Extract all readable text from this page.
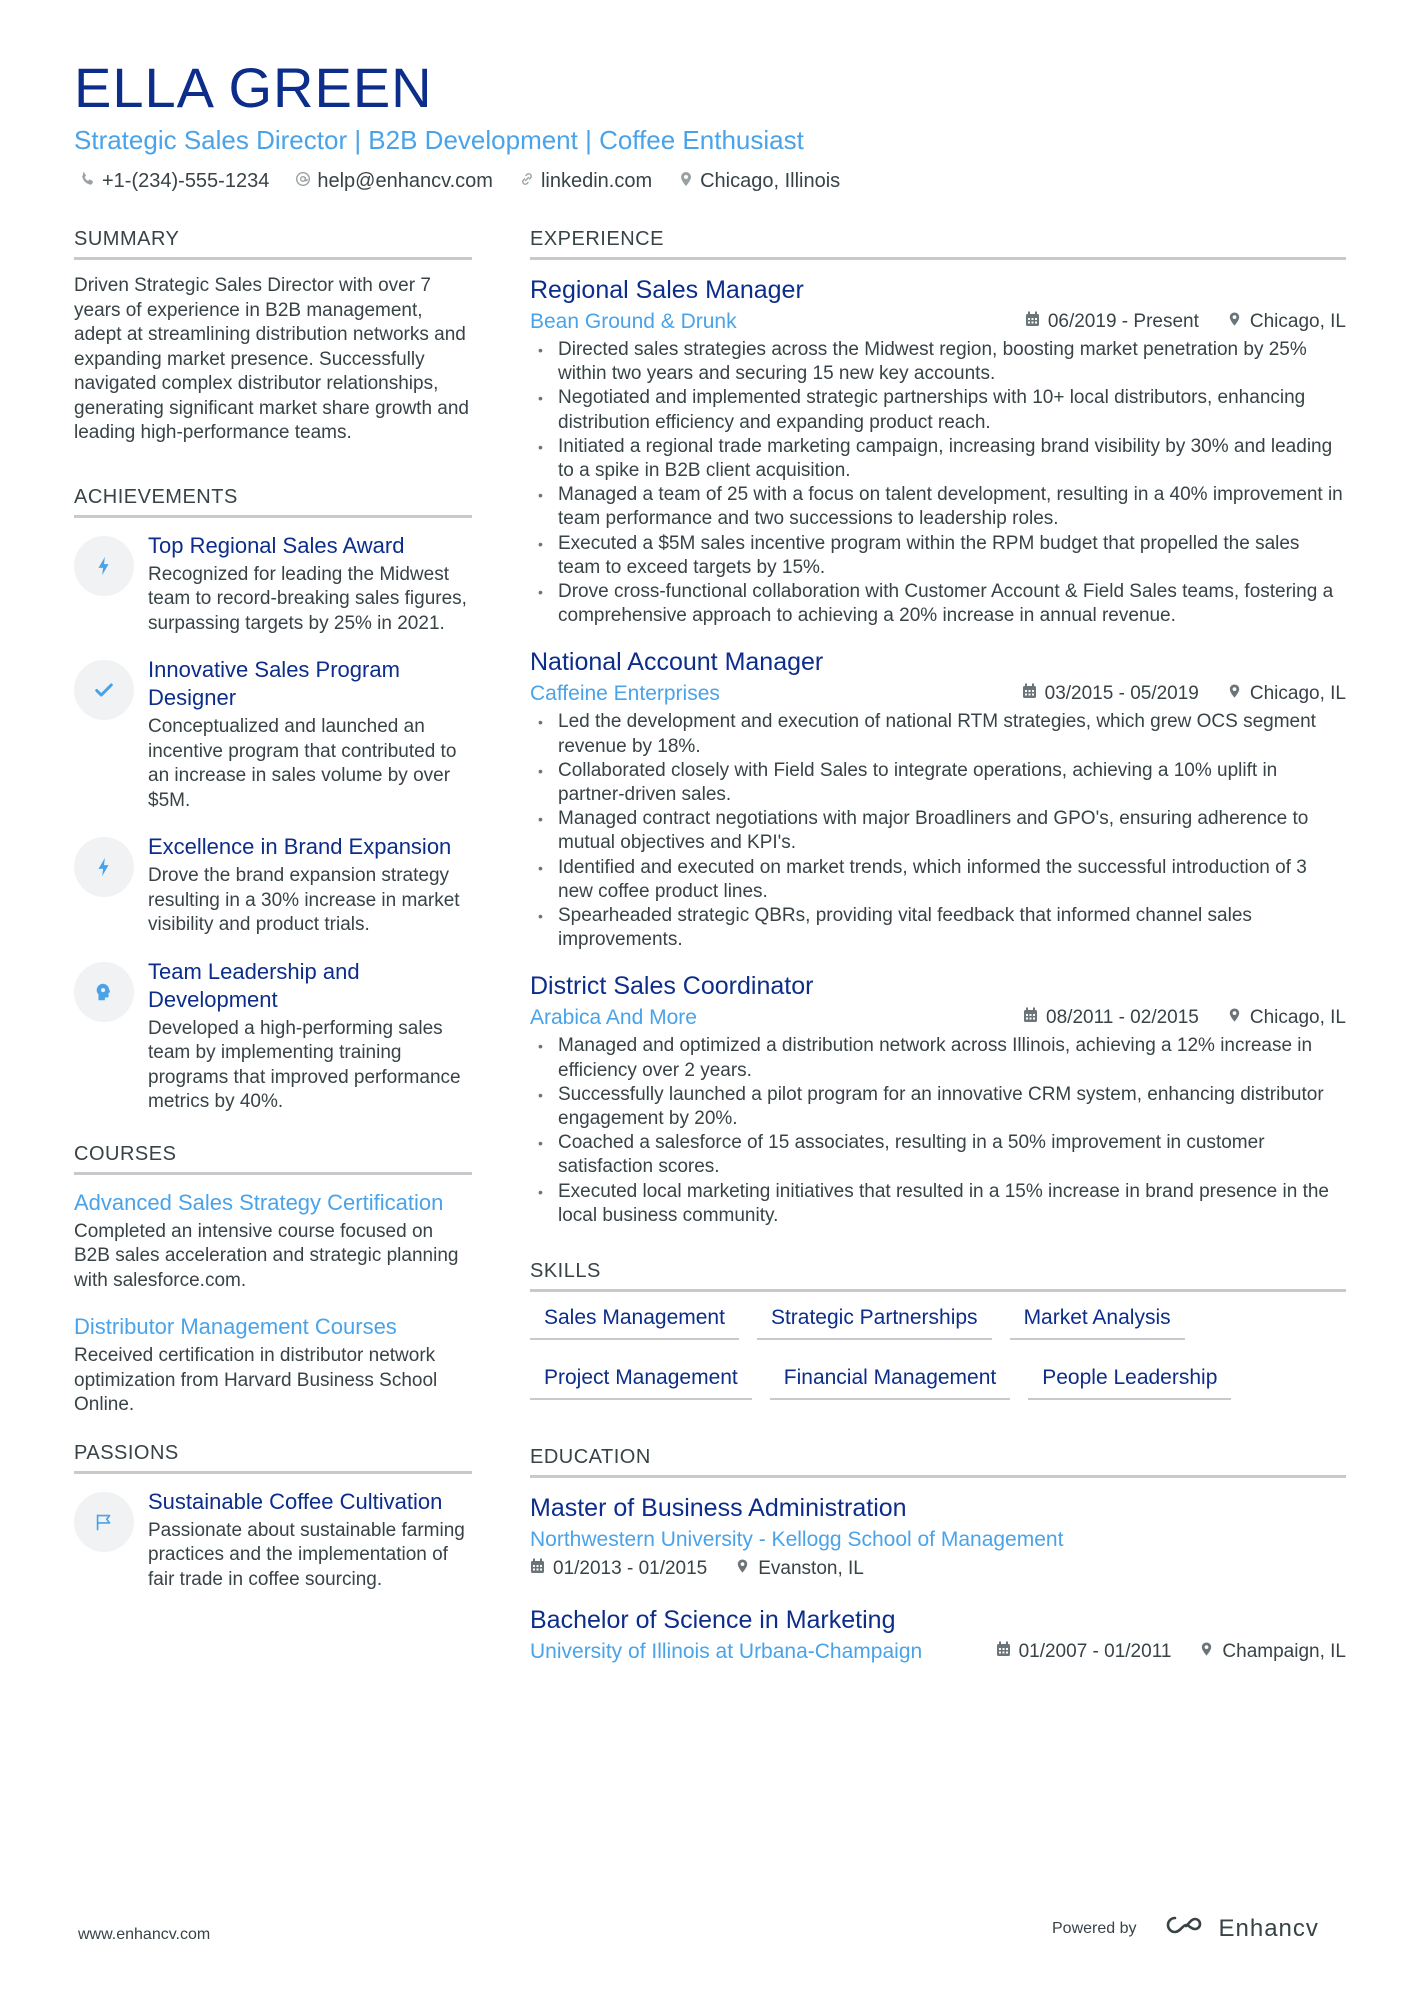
ELLA GREEN
Strategic Sales Director | B2B Development | Coffee Enthusiast
+1-(234)-555-1234 help@enhancv.com linkedin.com Chicago, Illinois
SUMMARY

Driven Strategic Sales Director with over 7 years of experience in B2B management, adept at streamlining distribution networks and expanding market presence. Successfully navigated complex distributor relationships, generating significant market share growth and leading high-performance teams.

ACHIEVEMENTS
Top Regional Sales Award
Recognized for leading the Midwest team to record-breaking sales figures, surpassing targets by 25% in 2021.
Innovative Sales Program Designer
Conceptualized and launched an incentive program that contributed to an increase in sales volume by over $5M.
Excellence in Brand Expansion
Drove the brand expansion strategy resulting in a 30% increase in market visibility and product trials.
Team Leadership and Development
Developed a high-performing sales team by implementing training programs that improved performance metrics by 40%.
COURSES
Advanced Sales Strategy Certification
Completed an intensive course focused on B2B sales acceleration and strategic planning with salesforce.com.
Distributor Management Courses
Received certification in distributor network optimization from Harvard Business School Online.
PASSIONS
Sustainable Coffee Cultivation
Passionate about sustainable farming practices and the implementation of fair trade in coffee sourcing.
EXPERIENCE
Regional Sales Manager
Bean Ground & Drunk	06/2019 - Present	Chicago, IL
• Directed sales strategies across the Midwest region, boosting market penetration by 25% within two years and securing 15 new key accounts.
• Negotiated and implemented strategic partnerships with 10+ local distributors, enhancing distribution efficiency and expanding product reach.
• Initiated a regional trade marketing campaign, increasing brand visibility by 30% and leading to a spike in B2B client acquisition.
• Managed a team of 25 with a focus on talent development, resulting in a 40% improvement in team performance and two successions to leadership roles.
• Executed a $5M sales incentive program within the RPM budget that propelled the sales team to exceed targets by 15%.
• Drove cross-functional collaboration with Customer Account & Field Sales teams, fostering a comprehensive approach to achieving a 20% increase in annual revenue.
National Account Manager
Caffeine Enterprises	03/2015 - 05/2019	Chicago, IL
• Led the development and execution of national RTM strategies, which grew OCS segment revenue by 18%.
• Collaborated closely with Field Sales to integrate operations, achieving a 10% uplift in partner-driven sales.
• Managed contract negotiations with major Broadliners and GPO's, ensuring adherence to mutual objectives and KPI's.
• Identified and executed on market trends, which informed the successful introduction of 3 new coffee product lines.
• Spearheaded strategic QBRs, providing vital feedback that informed channel sales improvements.
District Sales Coordinator
Arabica And More	08/2011 - 02/2015	Chicago, IL
• Managed and optimized a distribution network across Illinois, achieving a 12% increase in efficiency over 2 years.
• Successfully launched a pilot program for an innovative CRM system, enhancing distributor engagement by 20%.
• Coached a salesforce of 15 associates, resulting in a 50% improvement in customer satisfaction scores.
• Executed local marketing initiatives that resulted in a 15% increase in brand presence in the local business community.
SKILLS
Sales Management	Strategic Partnerships	Market Analysis
Project Management	Financial Management	People Leadership
EDUCATION
Master of Business Administration
Northwestern University - Kellogg School of Management
01/2013 - 01/2015	Evanston, IL
Bachelor of Science in Marketing
University of Illinois at Urbana-Champaign	01/2007 - 01/2011	Champaign, IL
www.enhancv.com	Powered by	Enhancv
